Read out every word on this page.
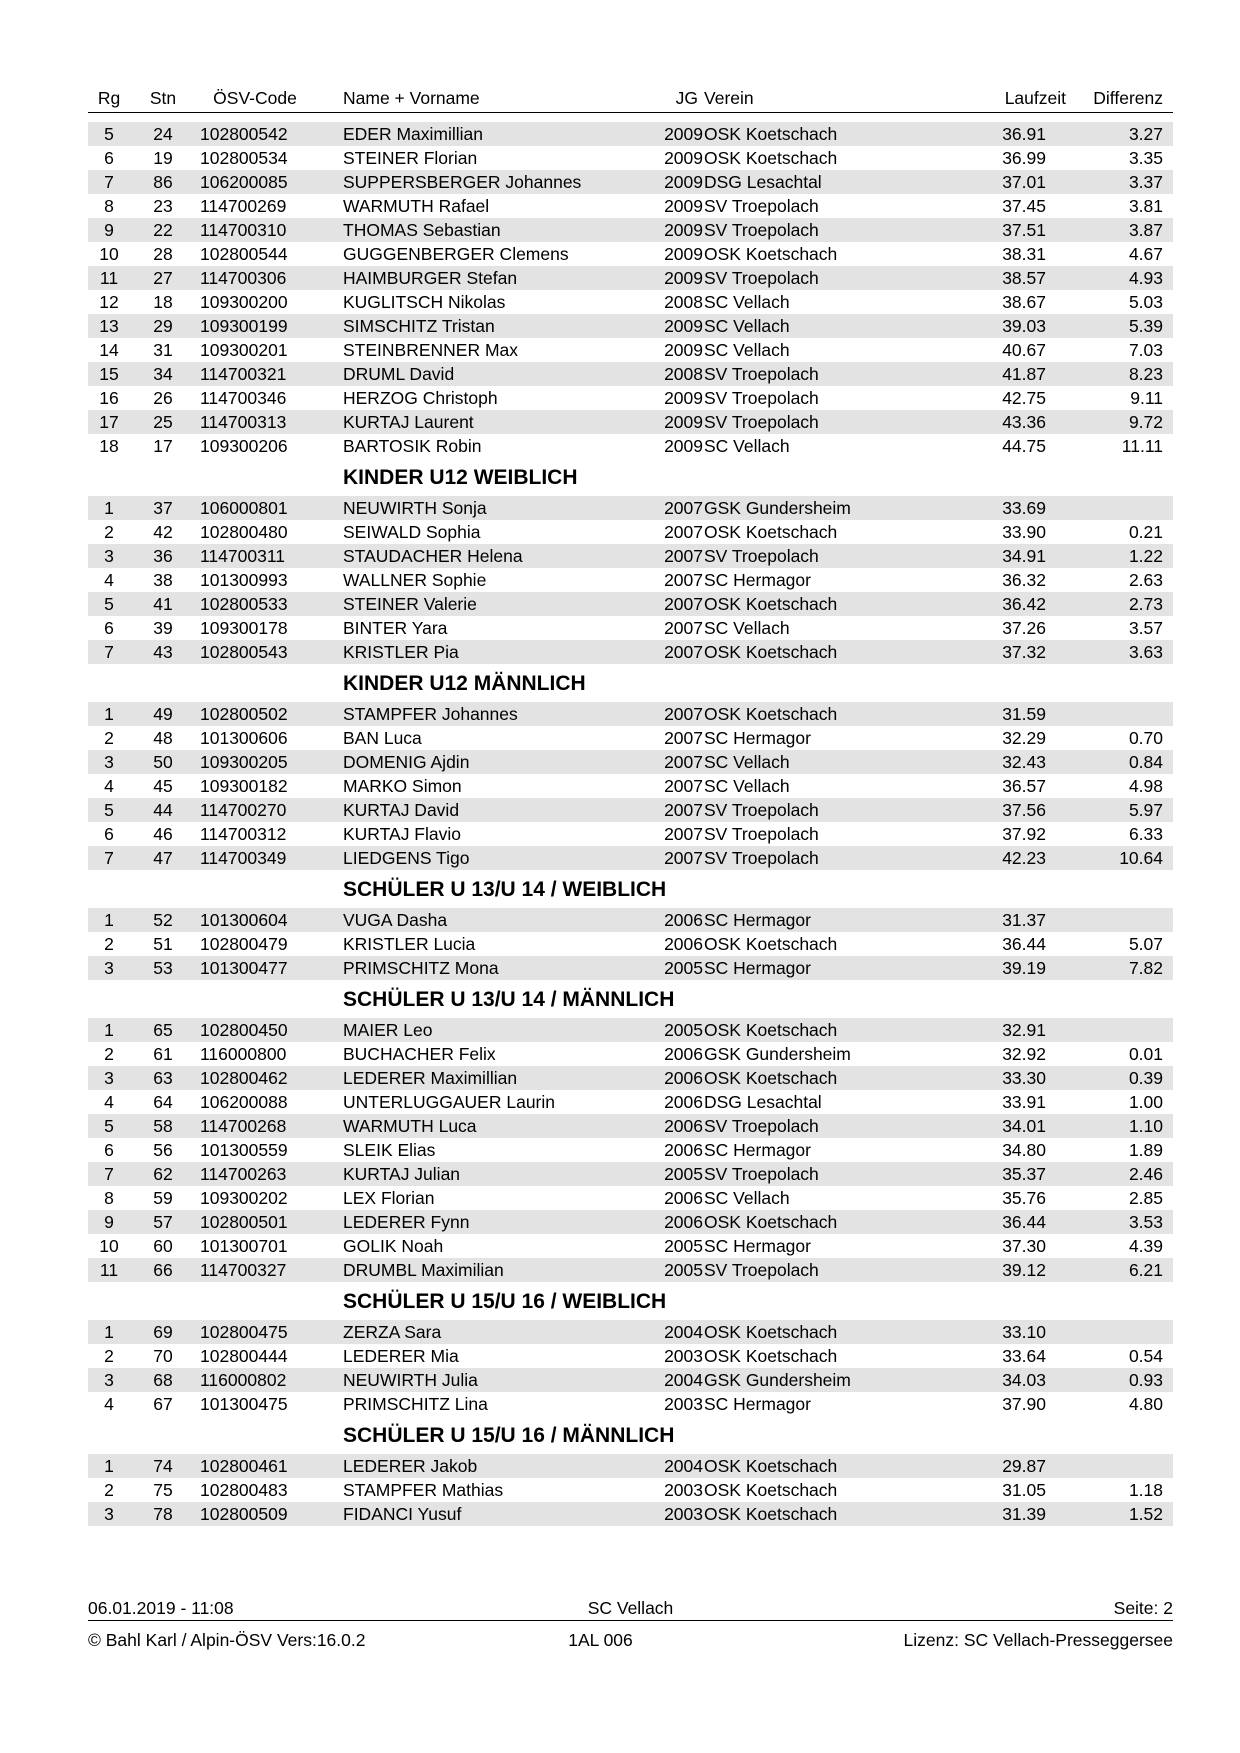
Rg	Stn	ÖSV-Code	Name + Vorname	JG Verein	Laufzeit	Differenz
5	24	102800542	EDER Maximillian	2009 OSK Koetschach	36.91	3.27
6	19	102800534	STEINER Florian	2009 OSK Koetschach	36.99	3.35
7	86	106200085	SUPPERSBERGER Johannes	2009 DSG Lesachtal	37.01	3.37
8	23	114700269	WARMUTH Rafael	2009 SV Troepolach	37.45	3.81
9	22	114700310	THOMAS Sebastian	2009 SV Troepolach	37.51	3.87
10	28	102800544	GUGGENBERGER Clemens	2009 OSK Koetschach	38.31	4.67
11	27	114700306	HAIMBURGER Stefan	2009 SV Troepolach	38.57	4.93
12	18	109300200	KUGLITSCH Nikolas	2008 SC Vellach	38.67	5.03
13	29	109300199	SIMSCHITZ Tristan	2009 SC Vellach	39.03	5.39
14	31	109300201	STEINBRENNER Max	2009 SC Vellach	40.67	7.03
15	34	114700321	DRUML David	2008 SV Troepolach	41.87	8.23
16	26	114700346	HERZOG Christoph	2009 SV Troepolach	42.75	9.11
17	25	114700313	KURTAJ Laurent	2009 SV Troepolach	43.36	9.72
18	17	109300206	BARTOSIK Robin	2009 SC Vellach	44.75	11.11
KINDER U12 WEIBLICH
1	37	106000801	NEUWIRTH Sonja	2007 GSK Gundersheim	33.69
2	42	102800480	SEIWALD Sophia	2007 OSK Koetschach	33.90	0.21
3	36	114700311	STAUDACHER Helena	2007 SV Troepolach	34.91	1.22
4	38	101300993	WALLNER Sophie	2007 SC Hermagor	36.32	2.63
5	41	102800533	STEINER Valerie	2007 OSK Koetschach	36.42	2.73
6	39	109300178	BINTER Yara	2007 SC Vellach	37.26	3.57
7	43	102800543	KRISTLER Pia	2007 OSK Koetschach	37.32	3.63
KINDER U12 MÄNNLICH
1	49	102800502	STAMPFER Johannes	2007 OSK Koetschach	31.59
2	48	101300606	BAN Luca	2007 SC Hermagor	32.29	0.70
3	50	109300205	DOMENIG Ajdin	2007 SC Vellach	32.43	0.84
4	45	109300182	MARKO Simon	2007 SC Vellach	36.57	4.98
5	44	114700270	KURTAJ David	2007 SV Troepolach	37.56	5.97
6	46	114700312	KURTAJ Flavio	2007 SV Troepolach	37.92	6.33
7	47	114700349	LIEDGENS Tigo	2007 SV Troepolach	42.23	10.64
SCHÜLER U 13/U 14 / WEIBLICH
1	52	101300604	VUGA Dasha	2006 SC Hermagor	31.37
2	51	102800479	KRISTLER Lucia	2006 OSK Koetschach	36.44	5.07
3	53	101300477	PRIMSCHITZ Mona	2005 SC Hermagor	39.19	7.82
SCHÜLER U 13/U 14 / MÄNNLICH
1	65	102800450	MAIER Leo	2005 OSK Koetschach	32.91
2	61	116000800	BUCHACHER Felix	2006 GSK Gundersheim	32.92	0.01
3	63	102800462	LEDERER Maximillian	2006 OSK Koetschach	33.30	0.39
4	64	106200088	UNTERLUGGAUER Laurin	2006 DSG Lesachtal	33.91	1.00
5	58	114700268	WARMUTH Luca	2006 SV Troepolach	34.01	1.10
6	56	101300559	SLEIK Elias	2006 SC Hermagor	34.80	1.89
7	62	114700263	KURTAJ Julian	2005 SV Troepolach	35.37	2.46
8	59	109300202	LEX Florian	2006 SC Vellach	35.76	2.85
9	57	102800501	LEDERER Fynn	2006 OSK Koetschach	36.44	3.53
10	60	101300701	GOLIK Noah	2005 SC Hermagor	37.30	4.39
11	66	114700327	DRUMBL Maximilian	2005 SV Troepolach	39.12	6.21
SCHÜLER U 15/U 16 / WEIBLICH
1	69	102800475	ZERZA Sara	2004 OSK Koetschach	33.10
2	70	102800444	LEDERER Mia	2003 OSK Koetschach	33.64	0.54
3	68	116000802	NEUWIRTH Julia	2004 GSK Gundersheim	34.03	0.93
4	67	101300475	PRIMSCHITZ Lina	2003 SC Hermagor	37.90	4.80
SCHÜLER U 15/U 16 / MÄNNLICH
1	74	102800461	LEDERER Jakob	2004 OSK Koetschach	29.87
2	75	102800483	STAMPFER Mathias	2003 OSK Koetschach	31.05	1.18
3	78	102800509	FIDANCI Yusuf	2003 OSK Koetschach	31.39	1.52
06.01.2019 - 11:08	SC Vellach	Seite: 2
© Bahl Karl / Alpin-ÖSV Vers:16.0.2	1AL 006	Lizenz: SC Vellach-Presseggersee
